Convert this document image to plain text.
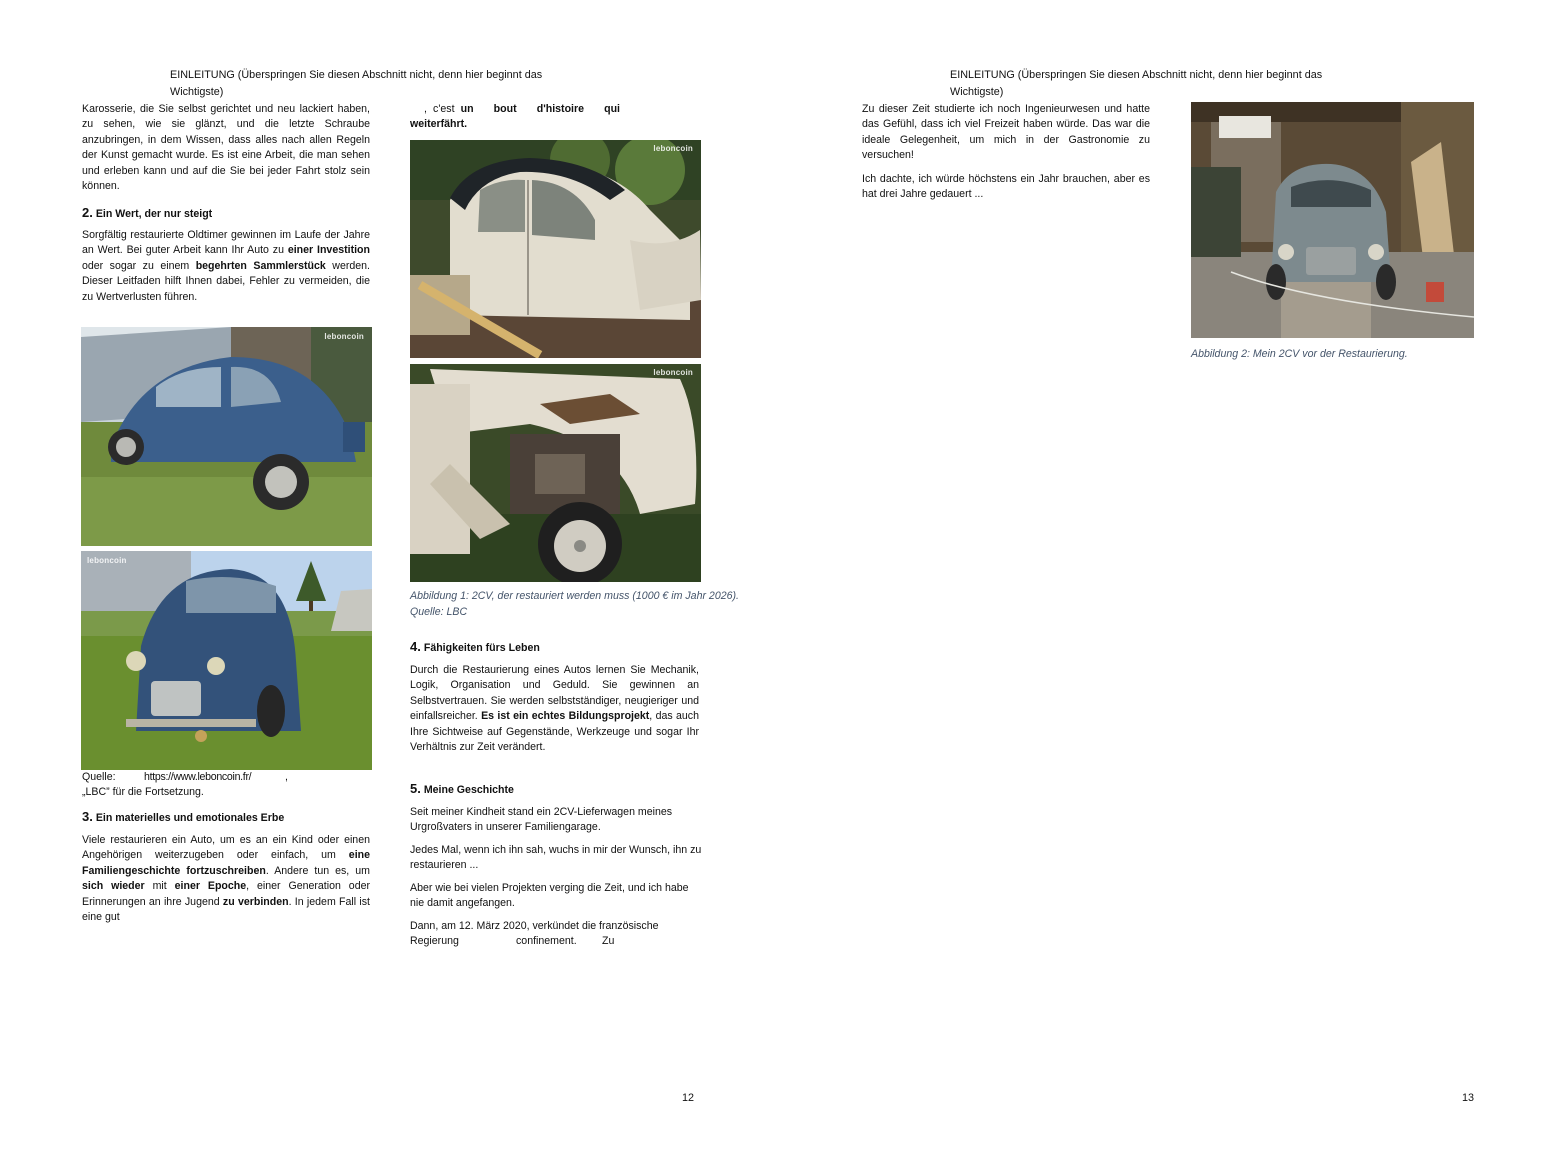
EINLEITUNG (Überspringen Sie diesen Abschnitt nicht, denn hier beginnt das
Wichtigste)

Karosserie, die Sie selbst gerichtet und neu lackiert haben, zu sehen, wie sie glänzt, und die letzte Schraube anzubringen, in dem Wissen, dass alles nach allen Regeln der Kunst gemacht wurde. Es ist eine Arbeit, die man sehen und erleben kann und auf die Sie bei jeder Fahrt stolz sein können.

2. Ein Wert, der nur steigt

Sorgfältig restaurierte Oldtimer gewinnen im Laufe der Jahre an Wert. Bei guter Arbeit kann Ihr Auto zu einer Investition oder sogar zu einem begehrten Sammlerstück werden. Dieser Leitfaden hilft Ihnen dabei, Fehler zu vermeiden, die zu Wertverlusten führen.

leboncoin
leboncoin
Quelle:	https://www.leboncoin.fr/	,
„LBC” für die Fortsetzung.
3. Ein materielles und emotionales Erbe

Viele restaurieren ein Auto, um es an ein Kind oder einen Angehörigen weiterzugeben oder einfach, um eine Familiengeschichte fortzuschreiben. Andere tun es, um sich wieder mit einer Epoche, einer Generation oder Erinnerungen an ihre Jugend zu verbinden. In jedem Fall ist eine gut

, c'est un bout d'histoire qui weiterfährt.

leboncoin
leboncoin
Abbildung 1: 2CV, der restauriert werden muss (1000 € im Jahr 2026). Quelle: LBC
4. Fähigkeiten fürs Leben

Durch die Restaurierung eines Autos lernen Sie Mechanik, Logik, Organisation und Geduld. Sie gewinnen an Selbstvertrauen. Sie werden selbstständiger, neugieriger und einfallsreicher. Es ist ein echtes Bildungsprojekt, das auch Ihre Sichtweise auf Gegenstände, Werkzeuge und sogar Ihr Verhältnis zur Zeit verändert.

5. Meine Geschichte

Seit meiner Kindheit stand ein 2CV-Lieferwagen meines Urgroßvaters in unserer Familiengarage.

Jedes Mal, wenn ich ihn sah, wuchs in mir der Wunsch, ihn zu restaurieren ...

Aber wie bei vielen Projekten verging die Zeit, und ich habe nie damit angefangen.

Dann, am 12. März 2020, verkündet die französische
Regierung	confinement. Zu
12
EINLEITUNG (Überspringen Sie diesen Abschnitt nicht, denn hier beginnt das
Wichtigste)

Zu dieser Zeit studierte ich noch Ingenieurwesen und hatte das Gefühl, dass ich viel Freizeit haben würde. Das war die ideale Gelegenheit, um mich in der Gastronomie zu versuchen!

Ich dachte, ich würde höchstens ein Jahr brauchen, aber es hat drei Jahre gedauert ...

Abbildung 2: Mein 2CV vor der Restaurierung.
13
